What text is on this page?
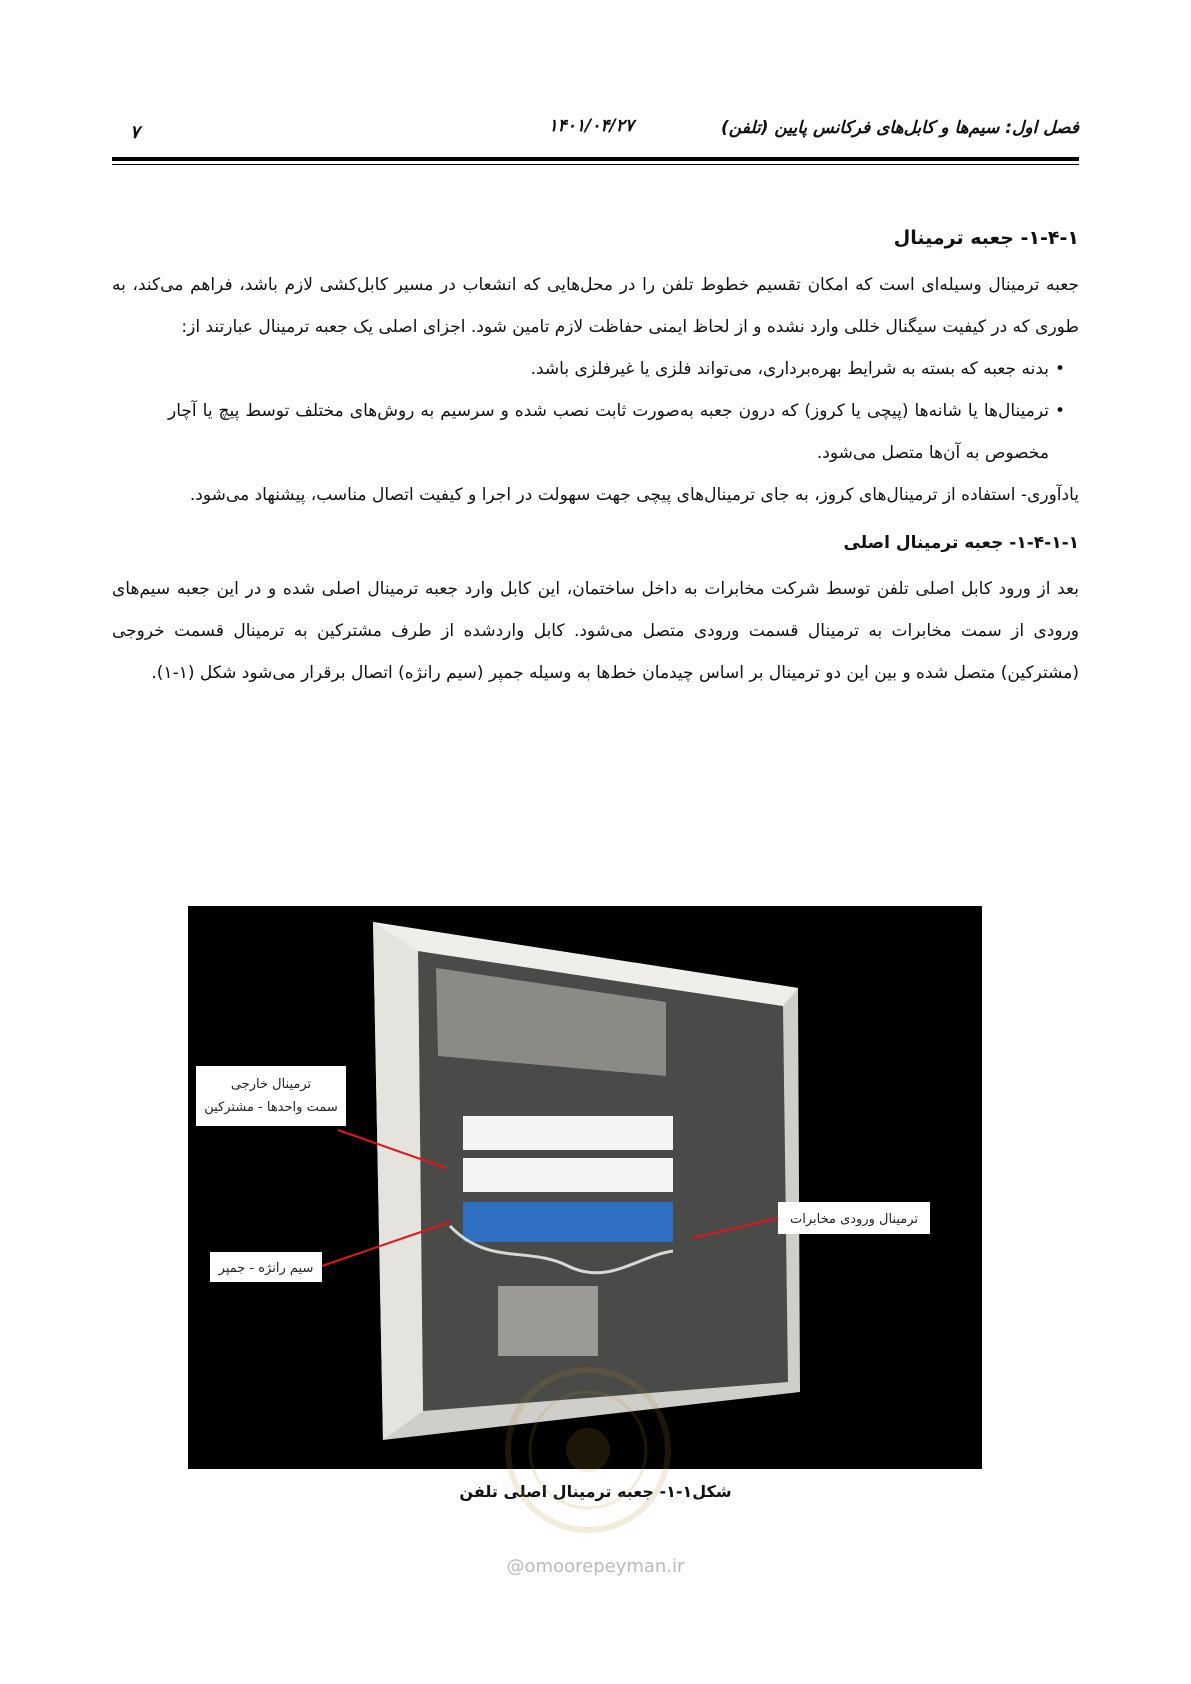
فصل اول: سیم‌ها و کابل‌های فرکانس پایین (تلفن)
۱۴۰۱/۰۴/۲۷
۷
۱-۴-۱- جعبه ترمینال

جعبه ترمینال وسیله‌ای است که امکان تقسیم خطوط تلفن را در محل‌هایی که انشعاب در مسیر کابل‌کشی لازم باشد، فراهم می‌کند، به طوری که در کیفیت سیگنال خللی وارد نشده و از لحاظ ایمنی حفاظت لازم تامین شود. اجزای اصلی یک جعبه ترمینال عبارتند از:

• بدنه جعبه که بسته به شرایط بهره‌برداری، می‌تواند فلزی یا غیرفلزی باشد.
• ترمینال‌ها یا شانه‌ها (پیچی یا کروز) که درون جعبه به‌صورت ثابت نصب شده و سرسیم به روش‌های مختلف توسط پیچ یا آچار مخصوص به آن‌ها متصل می‌شود.

یادآوری- استفاده از ترمینال‌های کروز، به جای ترمینال‌های پیچی جهت سهولت در اجرا و کیفیت اتصال مناسب، پیشنهاد می‌شود.

۱-۴-۱-۱- جعبه ترمینال اصلی

بعد از ورود کابل اصلی تلفن توسط شرکت مخابرات به داخل ساختمان، این کابل وارد جعبه ترمینال اصلی شده و در این جعبه سیم‌های ورودی از سمت مخابرات به ترمینال قسمت ورودی متصل می‌شود. کابل واردشده از طرف مشترکین به ترمینال قسمت خروجی (مشترکین) متصل شده و بین این دو ترمینال بر اساس چیدمان خط‌ها به وسیله جمپر (سیم رانژه) اتصال برقرار می‌شود شکل (۱-۱).

ترمینال خارجی
سمت واحدها - مشترکین
سیم رانژه - جمپر
ترمینال ورودی مخابرات
شکل۱-۱- جعبه ترمینال اصلی تلفن
@omoorepeyman.ir
